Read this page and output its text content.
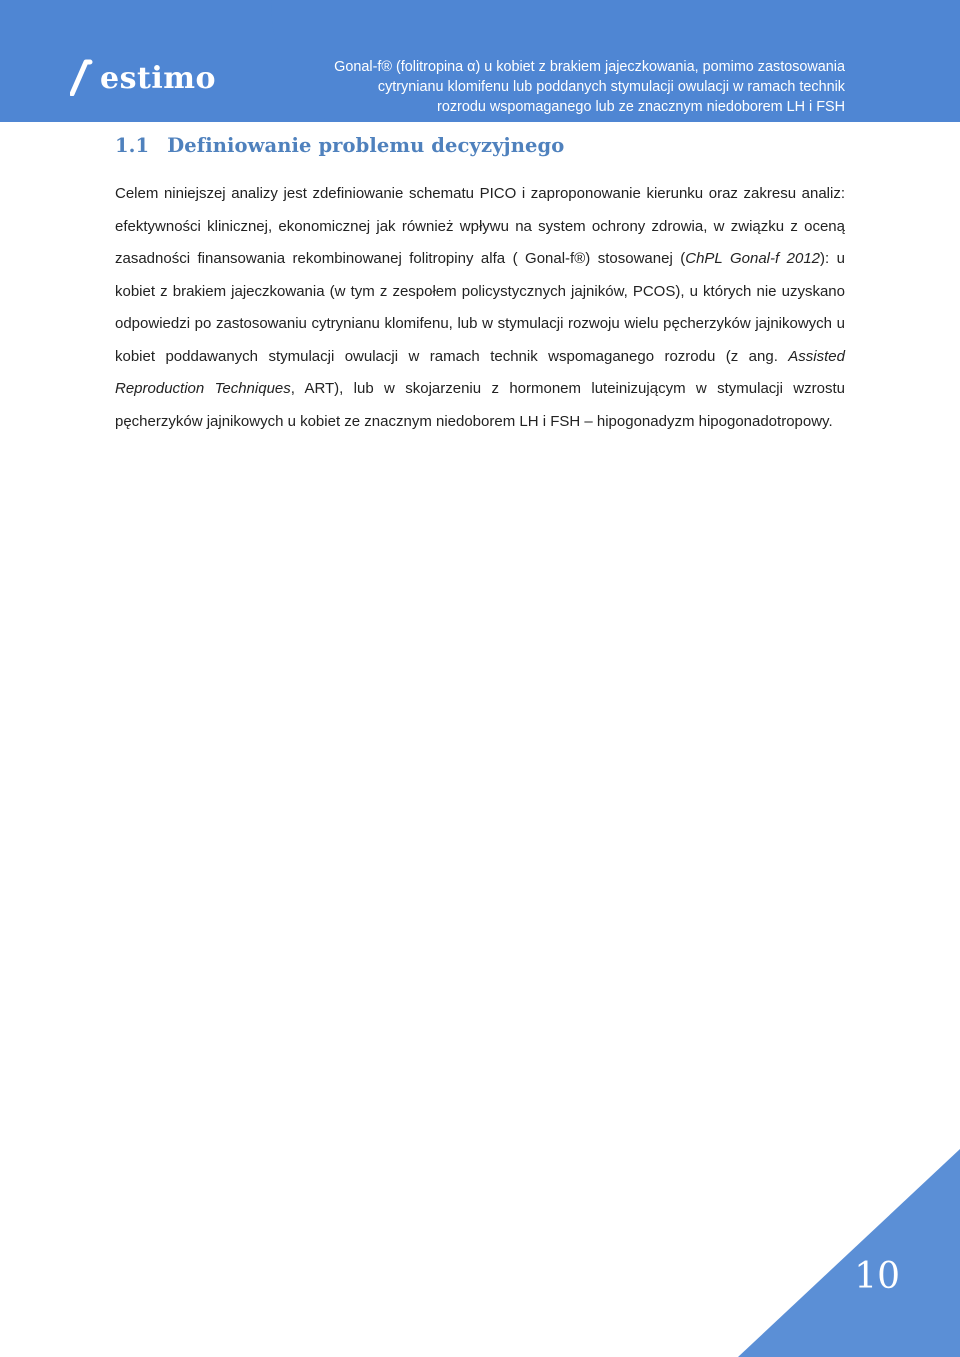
estimo	Gonal-f® (folitropina α) u kobiet z brakiem jajeczkowania, pomimo zastosowania
cytrynianu klomifenu lub poddanych stymulacji owulacji w ramach technik
rozrodu wspomaganego lub ze znacznym niedoborem LH i FSH
1.1 Definiowanie problemu decyzyjnego

Celem niniejszej analizy jest zdefiniowanie schematu PICO i zaproponowanie kierunku oraz zakresu analiz: efektywności klinicznej, ekonomicznej jak również wpływu na system ochrony zdrowia, w związku z oceną zasadności finansowania rekombinowanej folitropiny alfa ( Gonal-f®) stosowanej (ChPL Gonal-f 2012): u kobiet z brakiem jajeczkowania (w tym z zespołem policystycznych jajników, PCOS), u których nie uzyskano odpowiedzi po zastosowaniu cytrynianu klomifenu, lub w stymulacji rozwoju wielu pęcherzyków jajnikowych u kobiet poddawanych stymulacji owulacji w ramach technik wspomaganego rozrodu (z ang. Assisted Reproduction Techniques, ART), lub w skojarzeniu z hormonem luteinizującym w stymulacji wzrostu pęcherzyków jajnikowych u kobiet ze znacznym niedoborem LH i FSH – hipogonadyzm hipogonadotropowy.

10
